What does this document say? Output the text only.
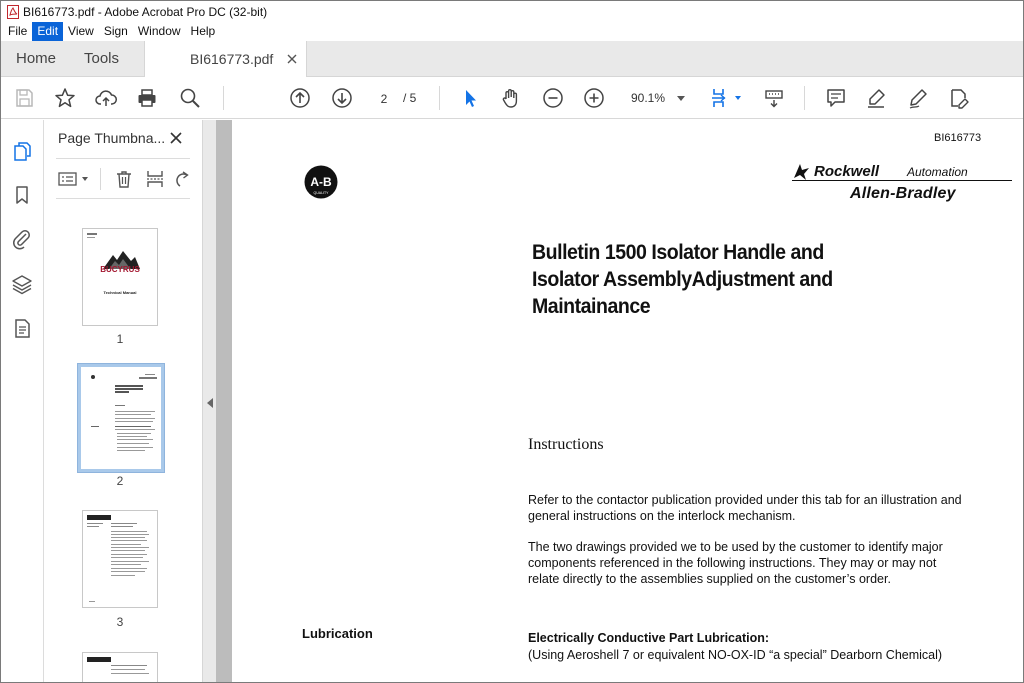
BI616773.pdf - Adobe Acrobat Pro DC (32-bit)
File Edit View Sign Window Help
Home Tools	BI616773.pdf
2	/ 5	90.1%
Page Thumbna...
BUCYRUS
Technical Manual
1
2
3
BI616773
A-B
QUALITY
Rockwell Automation
Allen-Bradley
Bulletin 1500 Isolator Handle and
Isolator AssemblyAdjustment and
Maintainance
Instructions
Refer to the contactor publication provided under this tab for an illustration and general instructions on the interlock mechanism.
The two drawings provided we to be used by the customer to identify major components referenced in the following instructions. They may or may not relate directly to the assemblies supplied on the customer’s order.
Lubrication	Electrically Conductive Part Lubrication:
(Using Aeroshell 7 or equivalent NO-OX-ID “a special” Dearborn Chemical)
